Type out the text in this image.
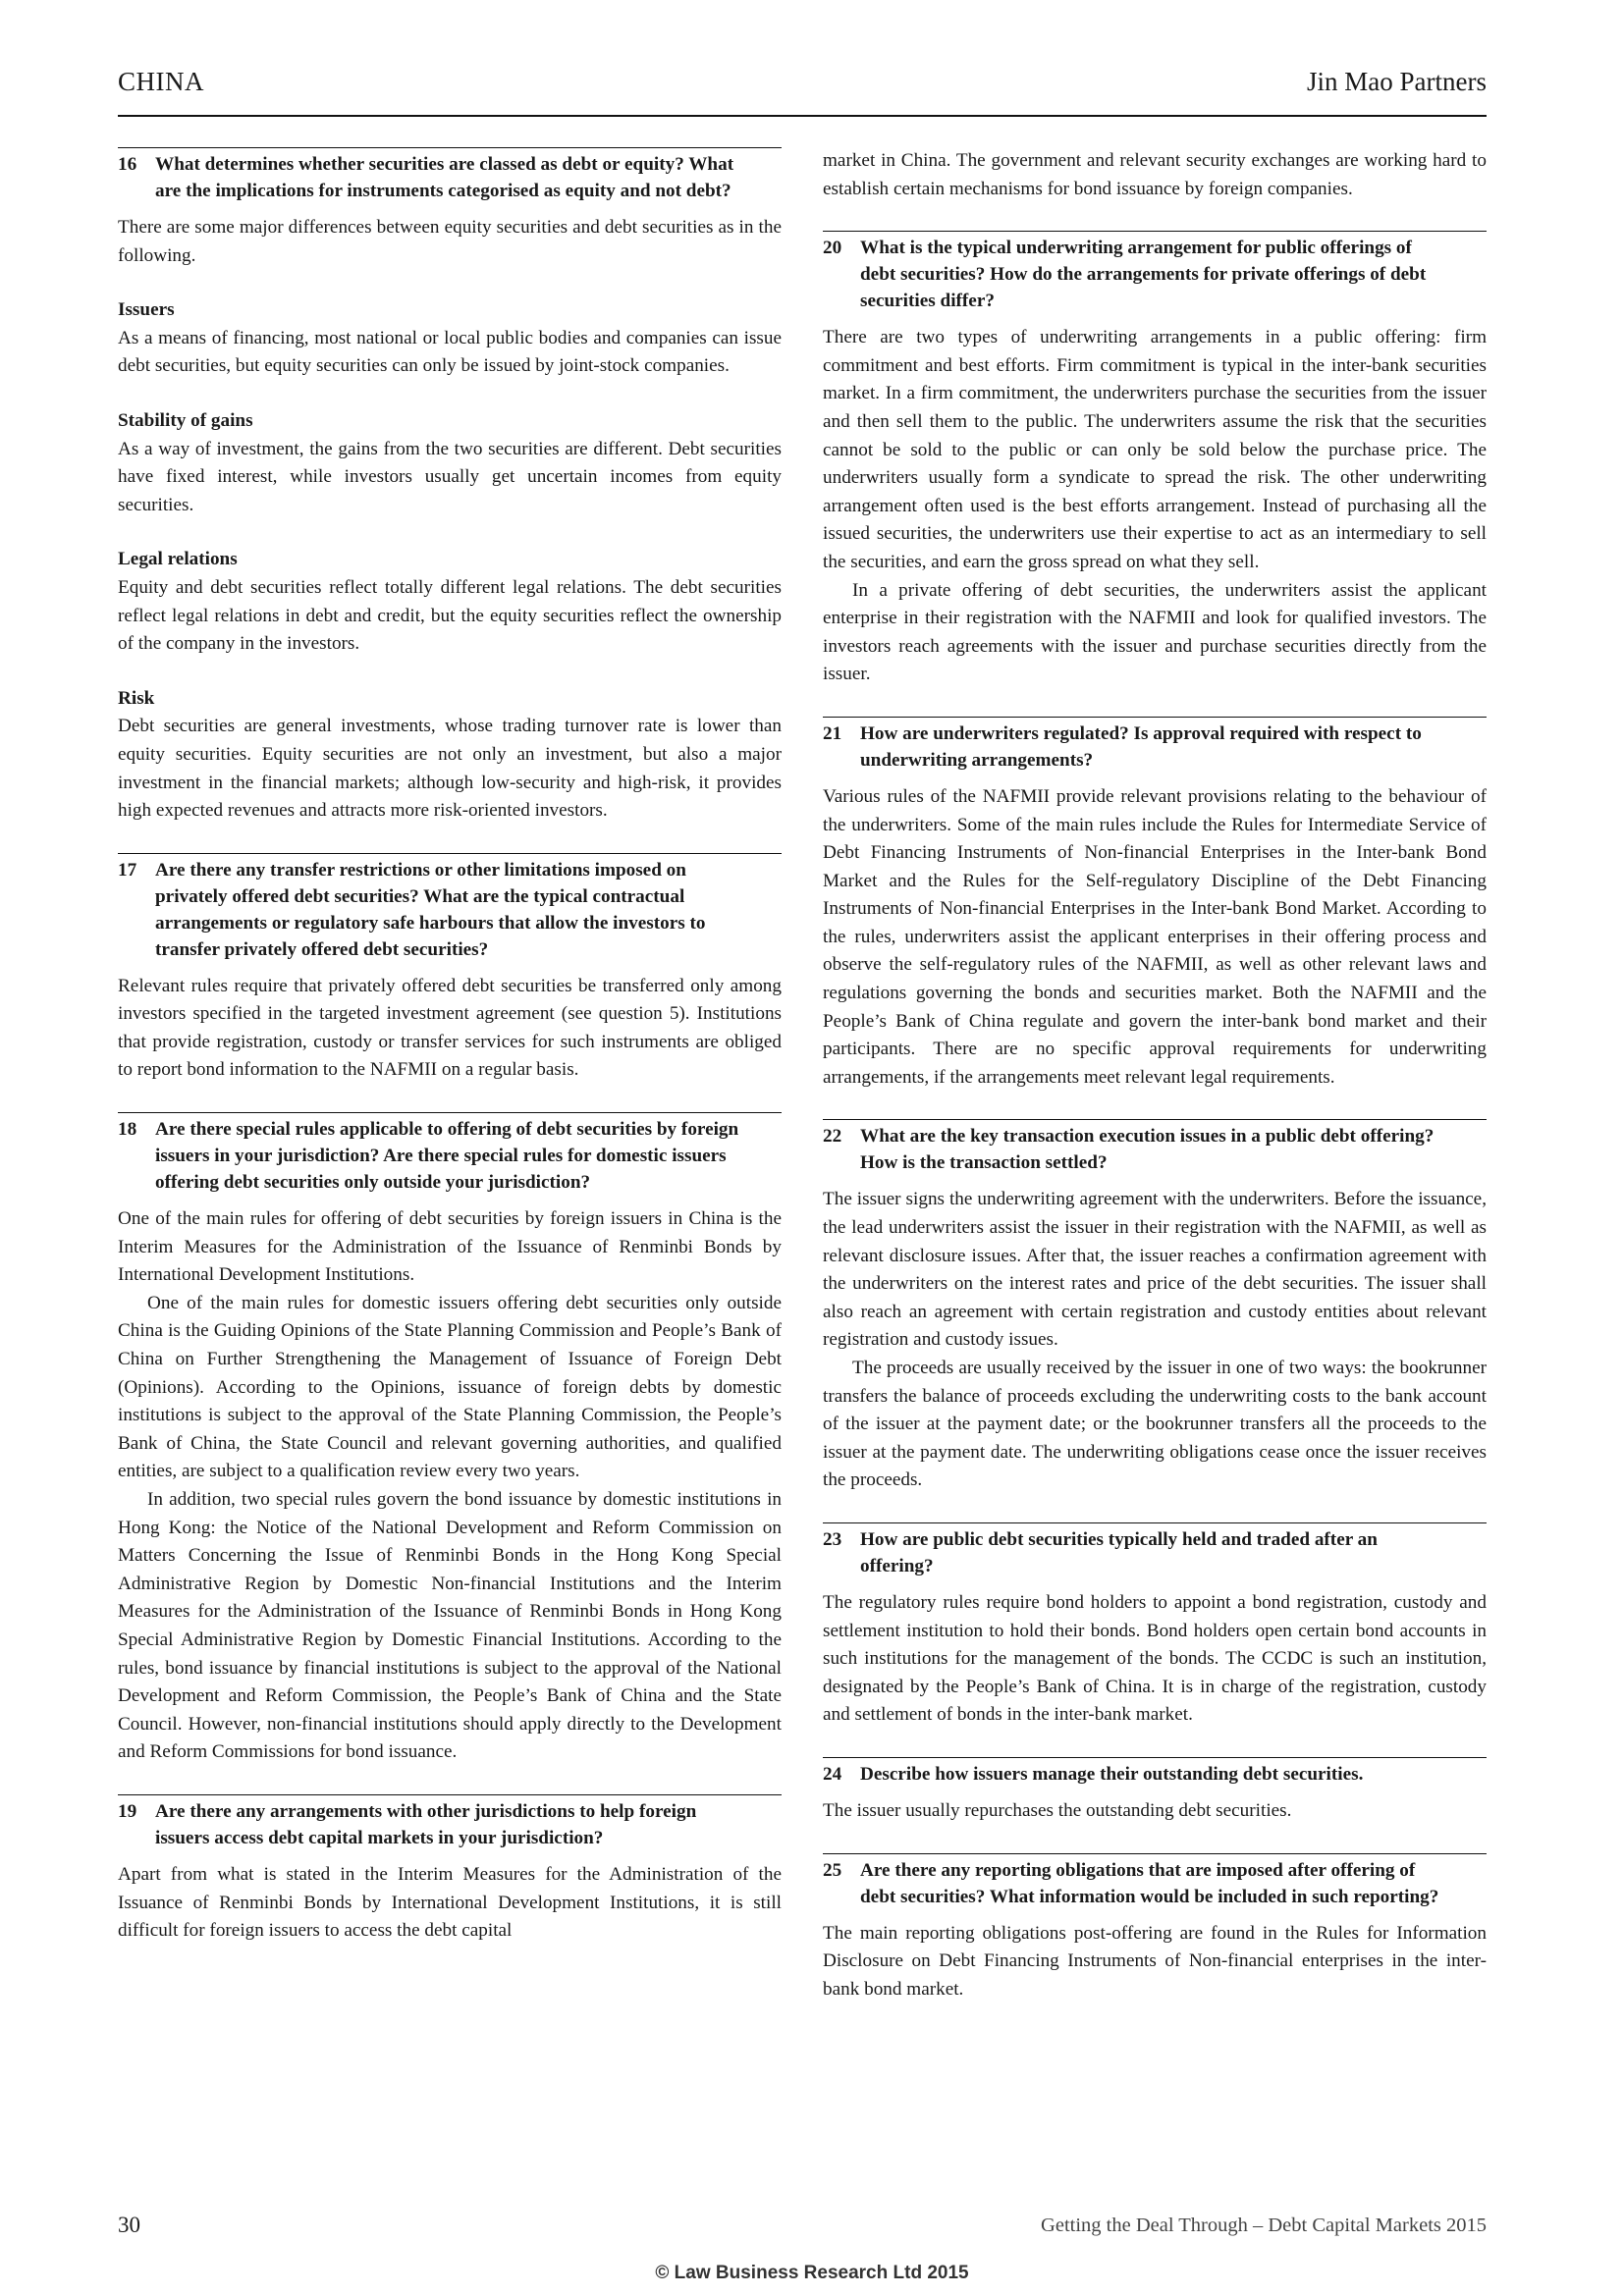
CHINA	Jin Mao Partners
16 What determines whether securities are classed as debt or equity? What are the implications for instruments categorised as equity and not debt?

There are some major differences between equity securities and debt securities as in the following.

Issuers

As a means of financing, most national or local public bodies and companies can issue debt securities, but equity securities can only be issued by joint-stock companies.

Stability of gains

As a way of investment, the gains from the two securities are different. Debt securities have fixed interest, while investors usually get uncertain incomes from equity securities.

Legal relations

Equity and debt securities reflect totally different legal relations. The debt securities reflect legal relations in debt and credit, but the equity securities reflect the ownership of the company in the investors.

Risk

Debt securities are general investments, whose trading turnover rate is lower than equity securities. Equity securities are not only an investment, but also a major investment in the financial markets; although low-security and high-risk, it provides high expected revenues and attracts more risk-oriented investors.

17 Are there any transfer restrictions or other limitations imposed on privately offered debt securities? What are the typical contractual arrangements or regulatory safe harbours that allow the investors to transfer privately offered debt securities?

Relevant rules require that privately offered debt securities be transferred only among investors specified in the targeted investment agreement (see question 5). Institutions that provide registration, custody or transfer services for such instruments are obliged to report bond information to the NAFMII on a regular basis.

18 Are there special rules applicable to offering of debt securities by foreign issuers in your jurisdiction? Are there special rules for domestic issuers offering debt securities only outside your jurisdiction?

One of the main rules for offering of debt securities by foreign issuers in China is the Interim Measures for the Administration of the Issuance of Renminbi Bonds by International Development Institutions.

One of the main rules for domestic issuers offering debt securities only outside China is the Guiding Opinions of the State Planning Commission and People’s Bank of China on Further Strengthening the Management of Issuance of Foreign Debt (Opinions). According to the Opinions, issuance of foreign debts by domestic institutions is subject to the approval of the State Planning Commission, the People’s Bank of China, the State Council and relevant governing authorities, and qualified entities, are subject to a qualification review every two years.

In addition, two special rules govern the bond issuance by domestic institutions in Hong Kong: the Notice of the National Development and Reform Commission on Matters Concerning the Issue of Renminbi Bonds in the Hong Kong Special Administrative Region by Domestic Non-financial Institutions and the Interim Measures for the Administration of the Issuance of Renminbi Bonds in Hong Kong Special Administrative Region by Domestic Financial Institutions. According to the rules, bond issuance by financial institutions is subject to the approval of the National Development and Reform Commission, the People’s Bank of China and the State Council. However, non-financial institutions should apply directly to the Development and Reform Commissions for bond issuance.

19 Are there any arrangements with other jurisdictions to help foreign issuers access debt capital markets in your jurisdiction?

Apart from what is stated in the Interim Measures for the Administration of the Issuance of Renminbi Bonds by International Development Institutions, it is still difficult for foreign issuers to access the debt capital

market in China. The government and relevant security exchanges are working hard to establish certain mechanisms for bond issuance by foreign companies.

20 What is the typical underwriting arrangement for public offerings of debt securities? How do the arrangements for private offerings of debt securities differ?

There are two types of underwriting arrangements in a public offering: firm commitment and best efforts. Firm commitment is typical in the inter-bank securities market. In a firm commitment, the underwriters purchase the securities from the issuer and then sell them to the public. The underwriters assume the risk that the securities cannot be sold to the public or can only be sold below the purchase price. The underwriters usually form a syndicate to spread the risk. The other underwriting arrangement often used is the best efforts arrangement. Instead of purchasing all the issued securities, the underwriters use their expertise to act as an intermediary to sell the securities, and earn the gross spread on what they sell.

In a private offering of debt securities, the underwriters assist the applicant enterprise in their registration with the NAFMII and look for qualified investors. The investors reach agreements with the issuer and purchase securities directly from the issuer.

21 How are underwriters regulated? Is approval required with respect to underwriting arrangements?

Various rules of the NAFMII provide relevant provisions relating to the behaviour of the underwriters. Some of the main rules include the Rules for Intermediate Service of Debt Financing Instruments of Non-financial Enterprises in the Inter-bank Bond Market and the Rules for the Self-regulatory Discipline of the Debt Financing Instruments of Non-financial Enterprises in the Inter-bank Bond Market. According to the rules, underwriters assist the applicant enterprises in their offering process and observe the self-regulatory rules of the NAFMII, as well as other relevant laws and regulations governing the bonds and securities market. Both the NAFMII and the People’s Bank of China regulate and govern the inter-bank bond market and their participants. There are no specific approval requirements for underwriting arrangements, if the arrangements meet relevant legal requirements.

22 What are the key transaction execution issues in a public debt offering? How is the transaction settled?

The issuer signs the underwriting agreement with the underwriters. Before the issuance, the lead underwriters assist the issuer in their registration with the NAFMII, as well as relevant disclosure issues. After that, the issuer reaches a confirmation agreement with the underwriters on the interest rates and price of the debt securities. The issuer shall also reach an agreement with certain registration and custody entities about relevant registration and custody issues.

The proceeds are usually received by the issuer in one of two ways: the bookrunner transfers the balance of proceeds excluding the underwriting costs to the bank account of the issuer at the payment date; or the bookrunner transfers all the proceeds to the issuer at the payment date. The underwriting obligations cease once the issuer receives the proceeds.

23 How are public debt securities typically held and traded after an offering?

The regulatory rules require bond holders to appoint a bond registration, custody and settlement institution to hold their bonds. Bond holders open certain bond accounts in such institutions for the management of the bonds. The CCDC is such an institution, designated by the People’s Bank of China. It is in charge of the registration, custody and settlement of bonds in the inter-bank market.

24 Describe how issuers manage their outstanding debt securities.

The issuer usually repurchases the outstanding debt securities.

25 Are there any reporting obligations that are imposed after offering of debt securities? What information would be included in such reporting?

The main reporting obligations post-offering are found in the Rules for Information Disclosure on Debt Financing Instruments of Non-financial enterprises in the inter-bank bond market.

30	Getting the Deal Through – Debt Capital Markets 2015
© Law Business Research Ltd 2015
